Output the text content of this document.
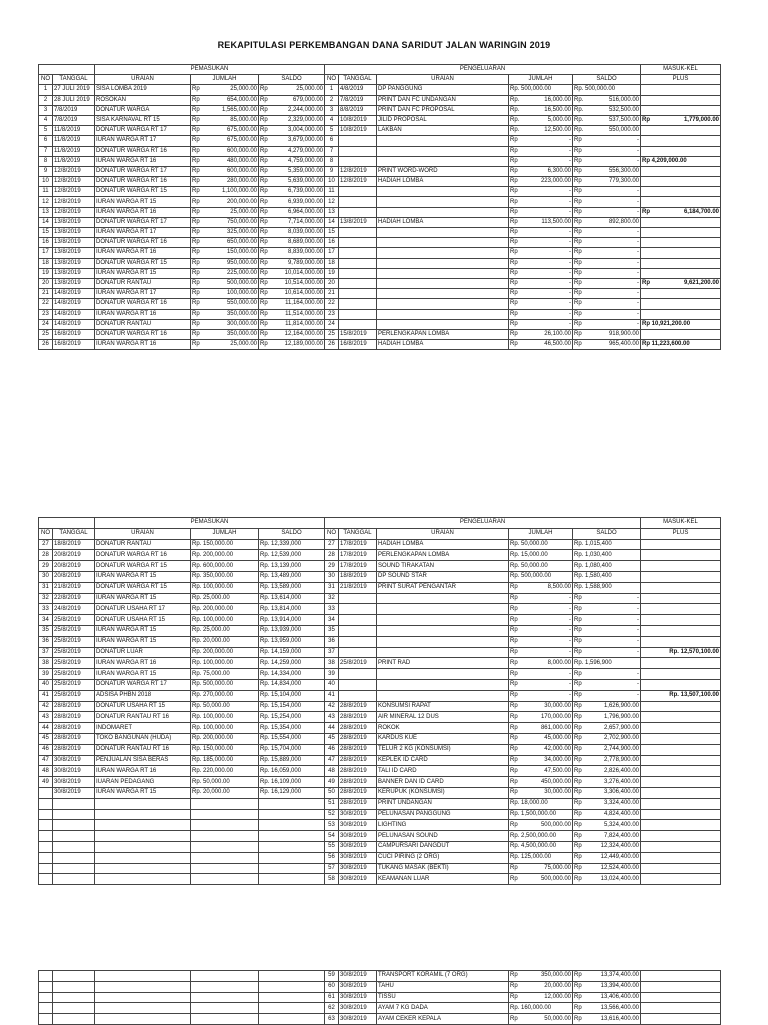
REKAPITULASI PERKEMBANGAN DANA SARIDUT JALAN WARINGIN 2019
		PEMASUKAN			PENGELUARAN					MASUK-KEL
NO	TANGGAL	URAIAN	JUMLAH	SALDO	NO	TANGGAL	URAIAN	JUMLAH	SALDO	PLUS
1	27 JULI 2019	SISA LOMBA 2019	Rp 25,000.00	Rp 25,000.00	1	4/8/2019	DP PANGGUNG	Rp. 500,000.00	Rp. 500,000.00	
2	28 JULI 2019	ROSOKAN	Rp 654,000.00	Rp 679,000.00	2	7/8/2019	PRINT DAN FC UNDANGAN	Rp. 16,000.00	Rp. 516,000.00	

3	7/8/2019	DONATUR WARGA	Rp 1,565,000.00	Rp 2,244,000.00	3	8/8/2019	PRINT DAN FC PROPOSAL	Rp. 16,500.00	Rp. 532,500.00	

4	7/8/2019	SISA KARNAVAL RT 15	Rp 85,000.00	Rp 2,329,000.00	4	10/8/2019	JILID PROPOSAL	Rp. 5,000.00	Rp. 537,500.00	Rp 1,779,000.00

5	11/8/2019	DONATUR WARGA RT 17	Rp 675,000.00	Rp 3,004,000.00	5	10/8/2019	LAKBAN	Rp. 12,500.00	Rp. 550,000.00	

6	11/8/2019	IURAN WARGA RT 17	Rp 675,000.00	Rp 3,679,000.00	6			Rp -	Rp -	

7	11/8/2019	DONATUR WARGA RT 16	Rp 600,000.00	Rp 4,279,000.00	7			Rp -	Rp -	

8	11/8/2019	IURAN WARGA RT 16	Rp 480,000.00	Rp 4,759,000.00	8			Rp -	Rp -	Rp 4,209,000.00
9	12/8/2019	DONATUR WARGA RT 17	Rp 600,000.00	Rp 5,359,000.00	9	12/8/2019	PRINT WORD-WORD	Rp 6,300.00	Rp 556,300.00	

10	12/8/2019	DONATUR WARGA RT 16	Rp 280,000.00	Rp 5,639,000.00	10	12/8/2019	HADIAH LOMBA	Rp 223,000.00	Rp 779,300.00	

11	12/8/2019	DONATUR WARGA RT 15	Rp 1,100,000.00	Rp 6,739,000.00	11			Rp -	Rp -	

12	12/8/2019	IURAN WARGA RT 15	Rp 200,000.00	Rp 6,939,000.00	12			Rp -	Rp -	

13	12/8/2019	IURAN WARGA RT 16	Rp 25,000.00	Rp 6,964,000.00	13			Rp -	Rp -	Rp 6,184,700.00

14	13/8/2019	DONATUR WARGA RT 17	Rp 750,000.00	Rp 7,714,000.00	14	13/8/2019	HADIAH LOMBA	Rp 113,500.00	Rp 892,800.00	

15	13/8/2019	IURAN WARGA RT 17	Rp 325,000.00	Rp 8,039,000.00	15			Rp -	Rp -	

16	13/8/2019	DONATUR WARGA RT 16	Rp 650,000.00	Rp 8,689,000.00	16			Rp -	Rp -	

17	13/8/2019	IURAN WARGA RT 16	Rp 150,000.00	Rp 8,839,000.00	17			Rp -	Rp -	

18	13/8/2019	DONATUR WARGA RT 15	Rp 950,000.00	Rp 9,789,000.00	18			Rp -	Rp -	

19	13/8/2019	IURAN WARGA RT 15	Rp 225,000.00	Rp 10,014,000.00	19			Rp -	Rp -	

20	13/8/2019	DONATUR RANTAU	Rp 500,000.00	Rp 10,514,000.00	20			Rp -	Rp -	Rp 9,621,200.00

21	14/8/2019	IURAN WARGA RT 17	Rp 100,000.00	Rp 10,614,000.00	21			Rp -	Rp -	

22	14/8/2019	DONATUR WARGA RT 16	Rp 550,000.00	Rp 11,164,000.00	22			Rp -	Rp -	

23	14/8/2019	IURAN WARGA RT 16	Rp 350,000.00	Rp 11,514,000.00	23			Rp -	Rp -	

24	14/8/2019	DONATUR RANTAU	Rp 300,000.00	Rp 11,814,000.00	24			Rp -	Rp -	Rp 10,921,200.00
25	16/8/2019	DONATUR WARGA RT 16	Rp 350,000.00	Rp 12,164,000.00	25	15/8/2019	PERLENGKAPAN LOMBA	Rp 26,100.00	Rp 918,900.00	

26	16/8/2019	IURAN WARGA RT 16	Rp 25,000.00	Rp 12,189,000.00	26	16/8/2019	HADIAH LOMBA	Rp 46,500.00	Rp 965,400.00	Rp 11,223,600.00
		PEMASUKAN			PENGELUARAN					MASUK-KEL
NO	TANGGAL	URAIAN	JUMLAH	SALDO	NO	TANGGAL	URAIAN	JUMLAH	SALDO	PLUS
27	18/8/2019	DONATUR RANTAU	Rp. 150,000.00	Rp. 12,339,000	27	17/8/2019	HADIAH LOMBA	Rp. 50,000.00	Rp. 1,015,400	
28	20/8/2019	DONATUR WARGA RT 16	Rp. 200,000.00	Rp. 12,539,000	28	17/8/2019	PERLENGKAPAN LOMBA	Rp. 15,000.00	Rp. 1,030,400	
29	20/8/2019	DONATUR WARGA RT 15	Rp. 600,000.00	Rp. 13,139,000	29	17/8/2019	SOUND TIRAKATAN	Rp. 50,000.00	Rp. 1,080,400	
30	20/8/2019	IURAN WARGA RT 15	Rp. 350,000.00	Rp. 13,489,000	30	18/8/2019	DP SOUND STAR	Rp. 500,000.00	Rp. 1,580,400	
31	21/8/2019	DONATUR WARGA RT 15	Rp. 100,000.00	Rp. 13,589,000	31	21/8/2019	PRINT SURAT PENGANTAR	Rp 8,500.00	Rp. 1,588,900	
32	22/8/2019	IURAN WARGA RT 15	Rp. 25,000.00	Rp. 13,614,000	32			Rp -	Rp -	

33	24/8/2019	DONATUR USAHA RT 17	Rp. 200,000.00	Rp. 13,814,000	33			Rp -	Rp -	

34	25/8/2019	DONATUR USAHA RT 15	Rp. 100,000.00	Rp. 13,914,000	34			Rp -	Rp -	

35	25/8/2019	IURAN WARGA RT 15	Rp. 25,000.00	Rp. 13,939,000	35			Rp -	Rp -	

36	25/8/2019	IURAN WARGA RT 15	Rp. 20,000.00	Rp. 13,959,000	36			Rp -	Rp -	

37	25/8/2019	DONATUR LUAR	Rp. 200,000.00	Rp. 14,159,000	37			Rp -	Rp -	Rp. 12,570,100.00
38	25/8/2019	IURAN WARGA RT 16	Rp. 100,000.00	Rp. 14,259,000	38	25/8/2019	PRINT RAD	Rp 8,000.00	Rp. 1,596,900	
39	25/8/2019	IURAN WARGA RT 15	Rp. 75,000.00	Rp. 14,334,000	39			Rp -	Rp -	

40	25/8/2019	DONATUR WARGA RT 17	Rp. 500,000.00	Rp. 14,834,000	40			Rp -	Rp -	

41	25/8/2019	ADSISA PHBN 2018	Rp. 270,000.00	Rp. 15,104,000	41			Rp -	Rp -	Rp. 13,507,100.00
42	28/8/2019	DONATUR USAHA RT 15	Rp. 50,000.00	Rp. 15,154,000	42	28/8/2019	KONSUMSI RAPAT	Rp 30,000.00	Rp 1,626,900.00	

43	28/8/2019	DONATUR RANTAU RT 16	Rp. 100,000.00	Rp. 15,254,000	43	28/8/2019	AIR MINERAL 12 DUS	Rp 170,000.00	Rp 1,796,900.00	

44	28/8/2019	INDOMARET	Rp. 100,000.00	Rp. 15,354,000	44	28/8/2019	ROKOK	Rp 861,000.00	Rp 2,657,900.00	

45	28/8/2019	TOKO BANGUNAN (HUDA)	Rp. 200,000.00	Rp. 15,554,000	45	28/8/2019	KARDUS KUE	Rp 45,000.00	Rp 2,702,900.00	

46	28/8/2019	DONATUR RANTAU RT 16	Rp. 150,000.00	Rp. 15,704,000	46	28/8/2019	TELUR 2 KG (KONSUMSI)	Rp 42,000.00	Rp 2,744,900.00	

47	30/8/2019	PENJUALAN SISA BERAS	Rp. 185,000.00	Rp. 15,889,000	47	28/8/2019	KEPLEK ID CARD	Rp 34,000.00	Rp 2,778,900.00	

48	30/8/2019	IURAN WARGA RT 16	Rp. 220,000.00	Rp. 16,059,000	48	28/8/2019	TALI ID CARD	Rp 47,500.00	Rp 2,826,400.00	

49	30/8/2019	IUARAN PEDAGANG	Rp. 50,000.00	Rp. 16,109,000	49	28/8/2019	BANNER DAN ID CARD	Rp 450,000.00	Rp 3,276,400.00	

	30/8/2019	IURAN WARGA RT 15	Rp. 20,000.00	Rp. 16,129,000	50	28/8/2019	KERUPUK (KONSUMSI)	Rp 30,000.00	Rp 3,306,400.00	

					51	28/8/2019	PRINT UNDANGAN	Rp. 18,000.00	Rp 3,324,400.00	

					52	30/8/2019	PELUNASAN PANGGUNG	Rp. 1,500,000.00	Rp 4,824,400.00	

					53	30/8/2019	LIGHTING	Rp 500,000.00	Rp 5,324,400.00	

					54	30/8/2019	PELUNASAN SOUND	Rp. 2,500,000.00	Rp 7,824,400.00	

					55	30/8/2019	CAMPURSARI DANGDUT	Rp. 4,500,000.00	Rp 12,324,400.00	

					56	30/8/2019	CUCI PIRING (2 ORG)	Rp. 125,000.00	Rp 12,449,400.00	

					57	30/8/2019	TUKANG MASAK (BEKTI)	Rp 75,000.00	Rp 12,524,400.00	

					58	30/8/2019	KEAMANAN LUAR	Rp 500,000.00	Rp 13,024,400.00	

					59	30/8/2019	TRANSPORT KORAMIL (7 ORG)	Rp 350,000.00	Rp 13,374,400.00	

					60	30/8/2019	TAHU	Rp 20,000.00	Rp 13,394,400.00	

					61	30/8/2019	TISSU	Rp 12,000.00	Rp 13,406,400.00	

					62	30/8/2019	AYAM 7 KG DADA	Rp. 160,000.00	Rp 13,566,400.00	

					63	30/8/2019	AYAM CEKER KEPALA	Rp 50,000.00	Rp 13,616,400.00	
